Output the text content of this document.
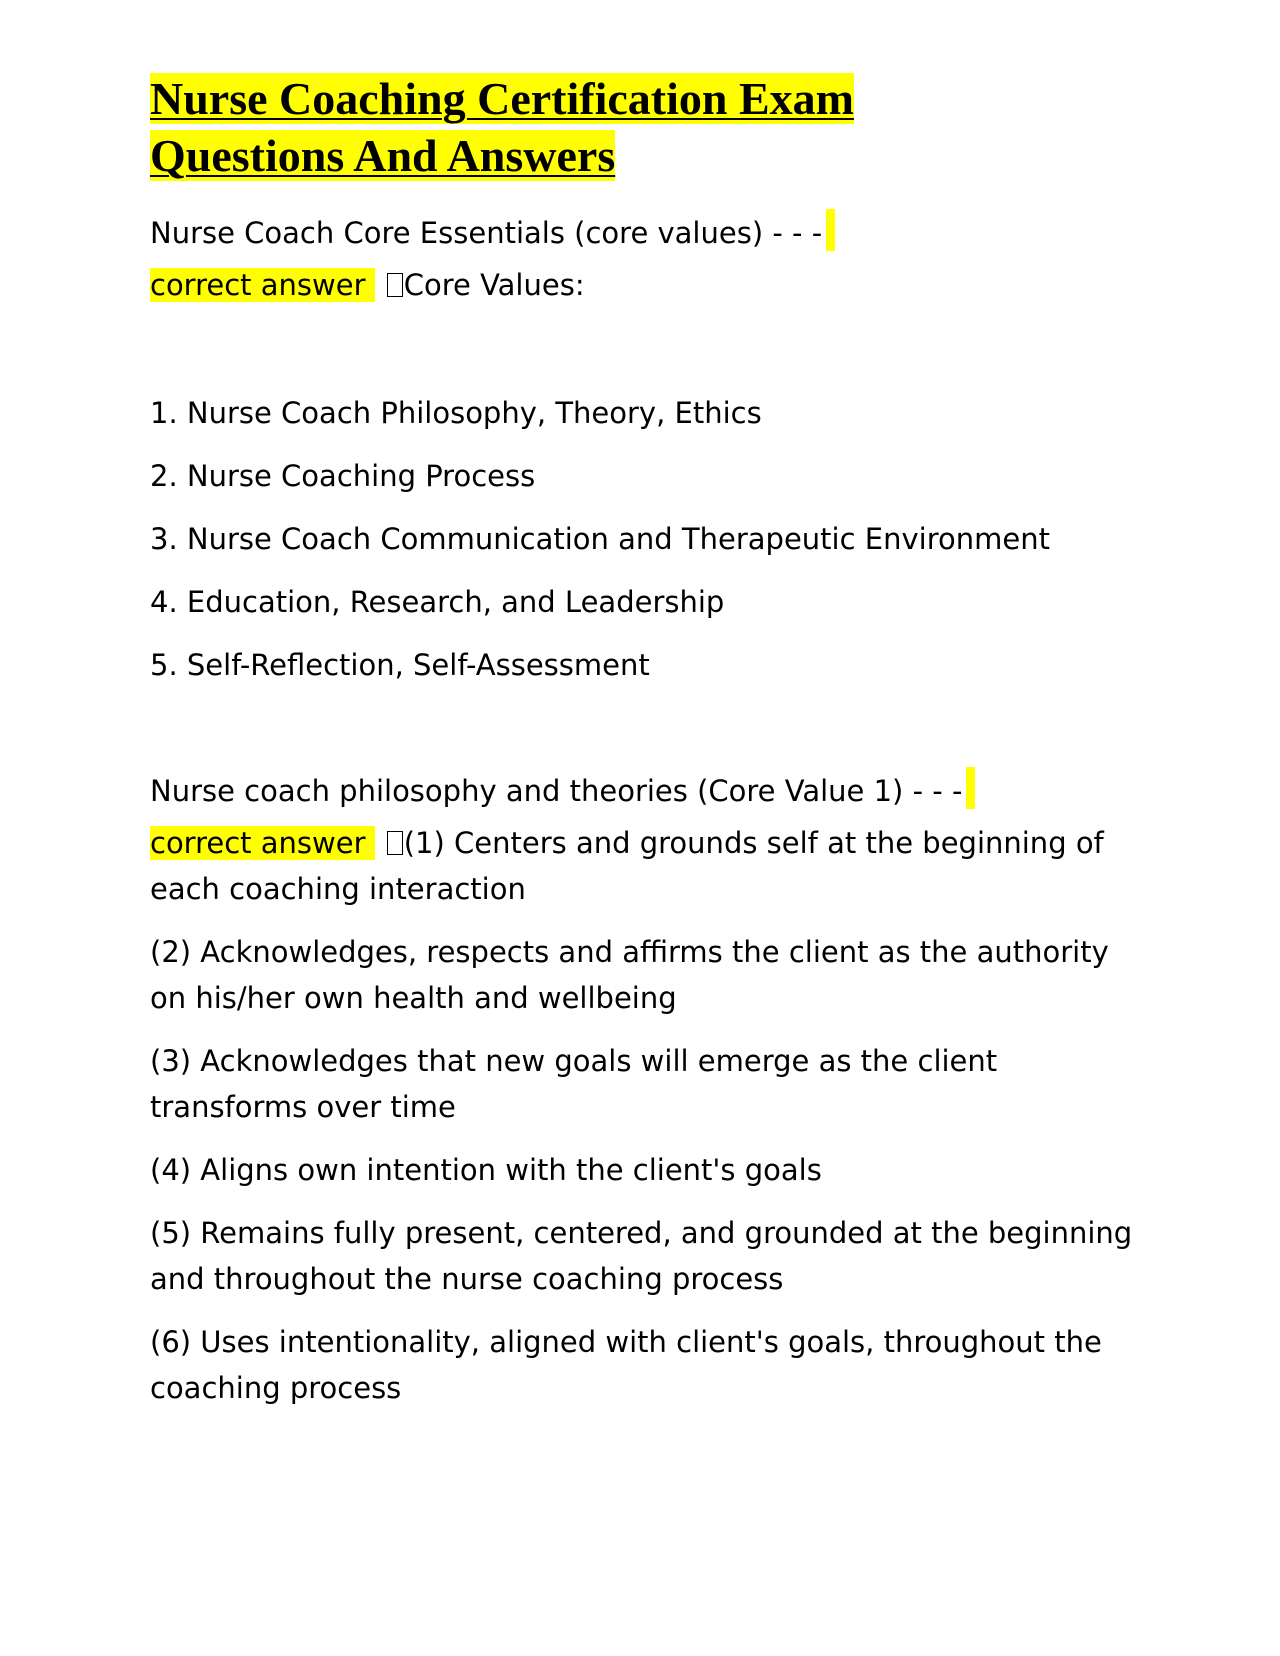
Nurse Coaching Certification Exam
Questions And Answers

Nurse Coach Core Essentials (core values) - - -

correct answer Core Values:

1. Nurse Coach Philosophy, Theory, Ethics

2. Nurse Coaching Process

3. Nurse Coach Communication and Therapeutic Environment

4. Education, Research, and Leadership

5. Self-Reflection, Self-Assessment

Nurse coach philosophy and theories (Core Value 1) - - -

correct answer (1) Centers and grounds self at the beginning of

each coaching interaction

(2) Acknowledges, respects and affirms the client as the authority

on his/her own health and wellbeing

(3) Acknowledges that new goals will emerge as the client

transforms over time

(4) Aligns own intention with the client's goals

(5) Remains fully present, centered, and grounded at the beginning

and throughout the nurse coaching process

(6) Uses intentionality, aligned with client's goals, throughout the

coaching process
